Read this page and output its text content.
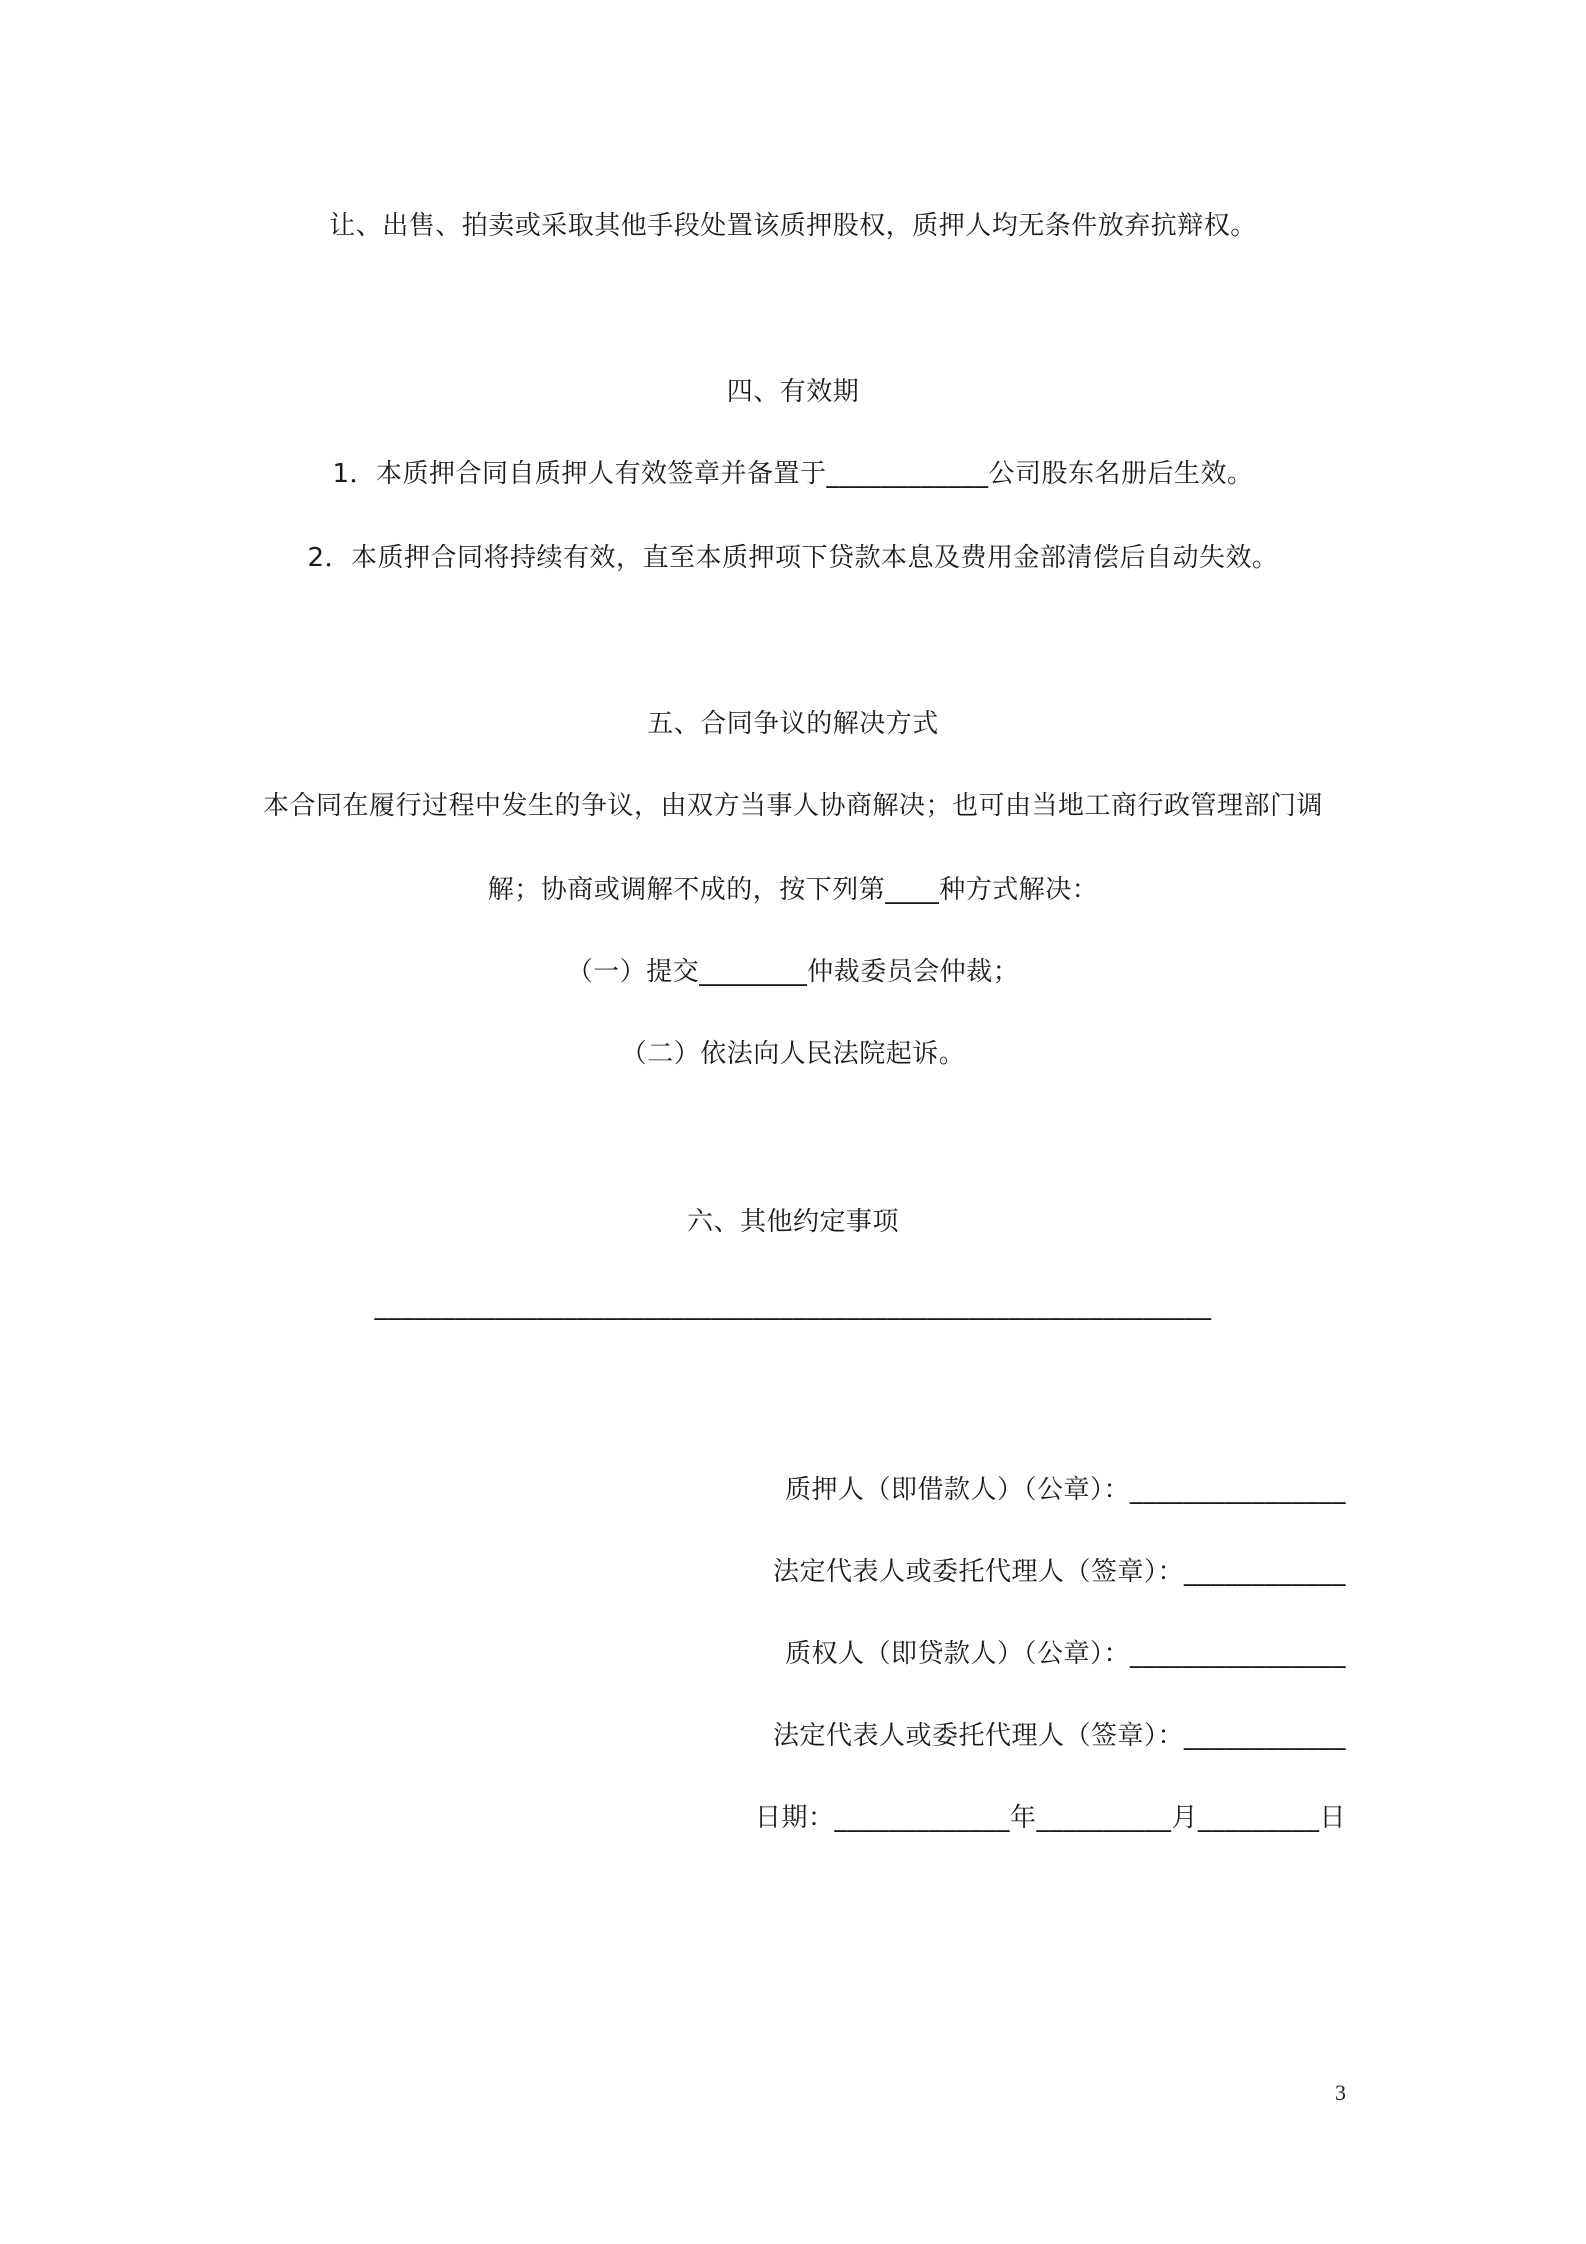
让、出售、拍卖或采取其他手段处置该质押股权，质押人均无条件放弃抗辩权。
四、有效期
1．本质押合同自质押人有效签章并备置于____________公司股东名册后生效。
2．本质押合同将持续有效，直至本质押项下贷款本息及费用金部清偿后自动失效。
五、合同争议的解决方式
本合同在履行过程中发生的争议，由双方当事人协商解决；也可由当地工商行政管理部门调
解；协商或调解不成的，按下列第____种方式解决：
（一）提交________仲裁委员会仲裁；
（二）依法向人民法院起诉。
六、其他约定事项
______________________________________________________________
质押人（即借款人）（公章）：________________
法定代表人或委托代理人（签章）：____________
质权人（即贷款人）（公章）：________________
法定代表人或委托代理人（签章）：____________
日期：_____________年__________月_________日
3
